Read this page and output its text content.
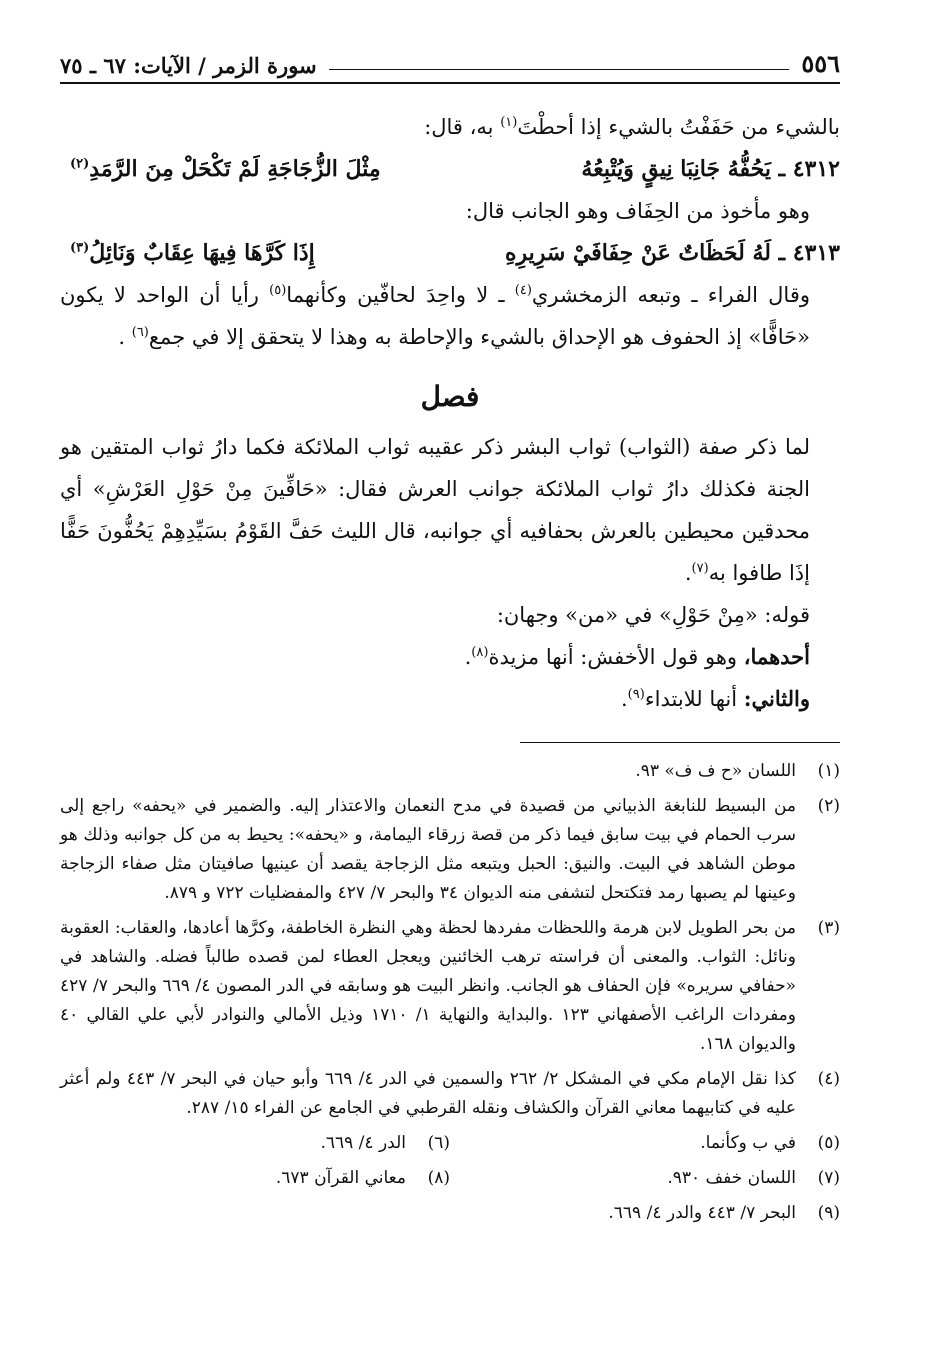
٥٥٦
سورة الزمر / الآيات: ٦٧ ـ ٧٥

بالشيء من حَفَفْتُ بالشيء إذا أحطْتَ$^{(١)}$ به، قال:

٤٣١٢ ـ يَحُفُّهُ جَانِبَا نِيقٍ وَيُتْبِعُهُ
مِثْلَ الزُّجَاجَةِ لَمْ تَكْحَلْ مِنَ الرَّمَدِ$^{(٢)}$

وهو مأخوذ من الحِفَاف وهو الجانب قال:

٤٣١٣ ـ لَهُ لَحَظَاتٌ عَنْ حِفَافَيْ سَرِيرِهِ
إِذَا كَرَّهَا فِيهَا عِقَابٌ وَنَائِلُ$^{(٣)}$

وقال الفراء ـ وتبعه الزمخشري$^{(٤)}$ ـ لا واحِدَ لحافّين وكأنهما$^{(٥)}$ رأيا أن الواحد لا يكون «حَافًّا» إذ الحفوف هو الإحداق بالشيء والإحاطة به وهذا لا يتحقق إلا في جمع$^{(٦)}$ .

فصل

لما ذكر صفة (الثواب) ثواب البشر ذكر عقيبه ثواب الملائكة فكما دارُ ثواب المتقين هو الجنة فكذلك دارُ ثواب الملائكة جوانب العرش فقال: «حَافِّينَ مِنْ حَوْلِ العَرْشِ» أي محدقين محيطين بالعرش بحفافيه أي جوانبه، قال الليث حَفَّ القَوْمُ بسَيِّدِهِمْ يَحُفُّونَ حَفًّا إذَا طافوا به$^{(٧)}$.

قوله: «مِنْ حَوْلِ» في «من» وجهان:

أحدهما، وهو قول الأخفش: أنها مزيدة$^{(٨)}$.

والثاني: أنها للابتداء$^{(٩)}$.

(١)
اللسان «ح ف ف» ٩٣.
(٢)
من البسيط للنابغة الذبياني من قصيدة في مدح النعمان والاعتذار إليه. والضمير في «يحفه» راجع إلى سرب الحمام في بيت سابق فيما ذكر من قصة زرقاء اليمامة، و «يحفه»: يحيط به من كل جوانبه وذلك هو موطن الشاهد في البيت. والنيق: الحبل ويتبعه مثل الزجاجة يقصد أن عينيها صافيتان مثل صفاء الزجاجة وعينها لم يصبها رمد فتكتحل لتشفى منه الديوان ٣٤ والبحر ٧/ ٤٢٧ والمفضليات ٧٢٢ و ٨٧٩.
(٣)
من بحر الطويل لابن هرمة واللحظات مفردها لحظة وهي النظرة الخاطفة، وكرَّها أعادها، والعقاب: العقوبة ونائل: الثواب. والمعنى أن فراسته ترهب الخائنين ويعجل العطاء لمن قصده طالباً فضله. والشاهد في «حفافي سريره» فإن الحفاف هو الجانب. وانظر البيت هو وسابقه في الدر المصون ٤/ ٦٦٩ والبحر ٧/ ٤٢٧ ومفردات الراغب الأصفهاني ١٢٣ .والبداية والنهاية ١/ ١٧١٠ وذيل الأمالي والنوادر لأبي علي القالي ٤٠ والديوان ١٦٨.
(٤)
كذا نقل الإمام مكي في المشكل ٢/ ٢٦٢ والسمين في الدر ٤/ ٦٦٩ وأبو حيان في البحر ٧/ ٤٤٣ ولم أعثر عليه في كتابيهما معاني القرآن والكشاف ونقله القرطبي في الجامع عن الفراء ١٥/ ٢٨٧.
(٥)
في ب وكأنما.
(٦)
الدر ٤/ ٦٦٩.
(٧)
اللسان خفف ٩٣٠.
(٨)
معاني القرآن ٦٧٣.
(٩)
البحر ٧/ ٤٤٣ والدر ٤/ ٦٦٩.
